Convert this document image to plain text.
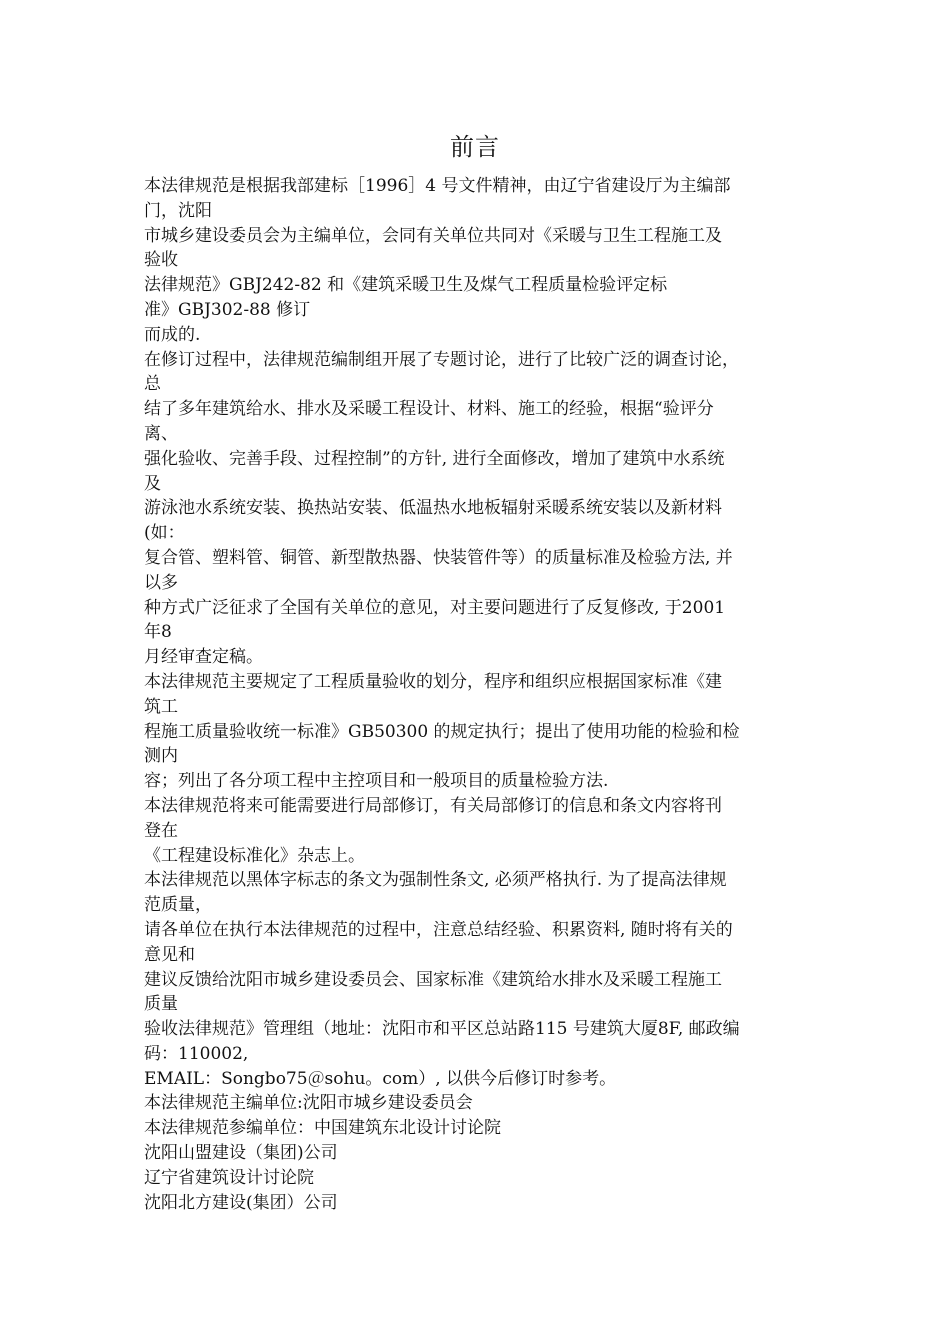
前言
本法律规范是根据我部建标［1996］4 号文件精神，由辽宁省建设厅为主编部
门，沈阳
市城乡建设委员会为主编单位，会同有关单位共同对《采暖与卫生工程施工及
验收
法律规范》GBJ242-82 和《建筑采暖卫生及煤气工程质量检验评定标
准》GBJ302-88 修订
而成的.
在修订过程中，法律规范编制组开展了专题讨论，进行了比较广泛的调查讨论，
总
结了多年建筑给水、排水及采暖工程设计、材料、施工的经验，根据“验评分
离、
强化验收、完善手段、过程控制”的方针, 进行全面修改，增加了建筑中水系统
及
游泳池水系统安装、换热站安装、低温热水地板辐射采暖系统安装以及新材料
(如：
复合管、塑料管、铜管、新型散热器、快装管件等）的质量标准及检验方法, 并
以多
种方式广泛征求了全国有关单位的意见，对主要问题进行了反复修改, 于2001
年8
月经审查定稿。
本法律规范主要规定了工程质量验收的划分，程序和组织应根据国家标准《建
筑工
程施工质量验收统一标准》GB50300 的规定执行；提出了使用功能的检验和检
测内
容；列出了各分项工程中主控项目和一般项目的质量检验方法.
本法律规范将来可能需要进行局部修订，有关局部修订的信息和条文内容将刊
登在
《工程建设标准化》杂志上。
本法律规范以黑体字标志的条文为强制性条文, 必须严格执行. 为了提高法律规
范质量，
请各单位在执行本法律规范的过程中，注意总结经验、积累资料, 随时将有关的
意见和
建议反馈给沈阳市城乡建设委员会、国家标准《建筑给水排水及采暖工程施工
质量
验收法律规范》管理组（地址：沈阳市和平区总站路115 号建筑大厦8F, 邮政编
码：110002,
EMAIL：Songbo75＠sohu。com）, 以供今后修订时参考。
本法律规范主编单位:沈阳市城乡建设委员会
本法律规范参编单位：中国建筑东北设计讨论院
沈阳山盟建设（集团)公司
辽宁省建筑设计讨论院
沈阳北方建设(集团）公司
